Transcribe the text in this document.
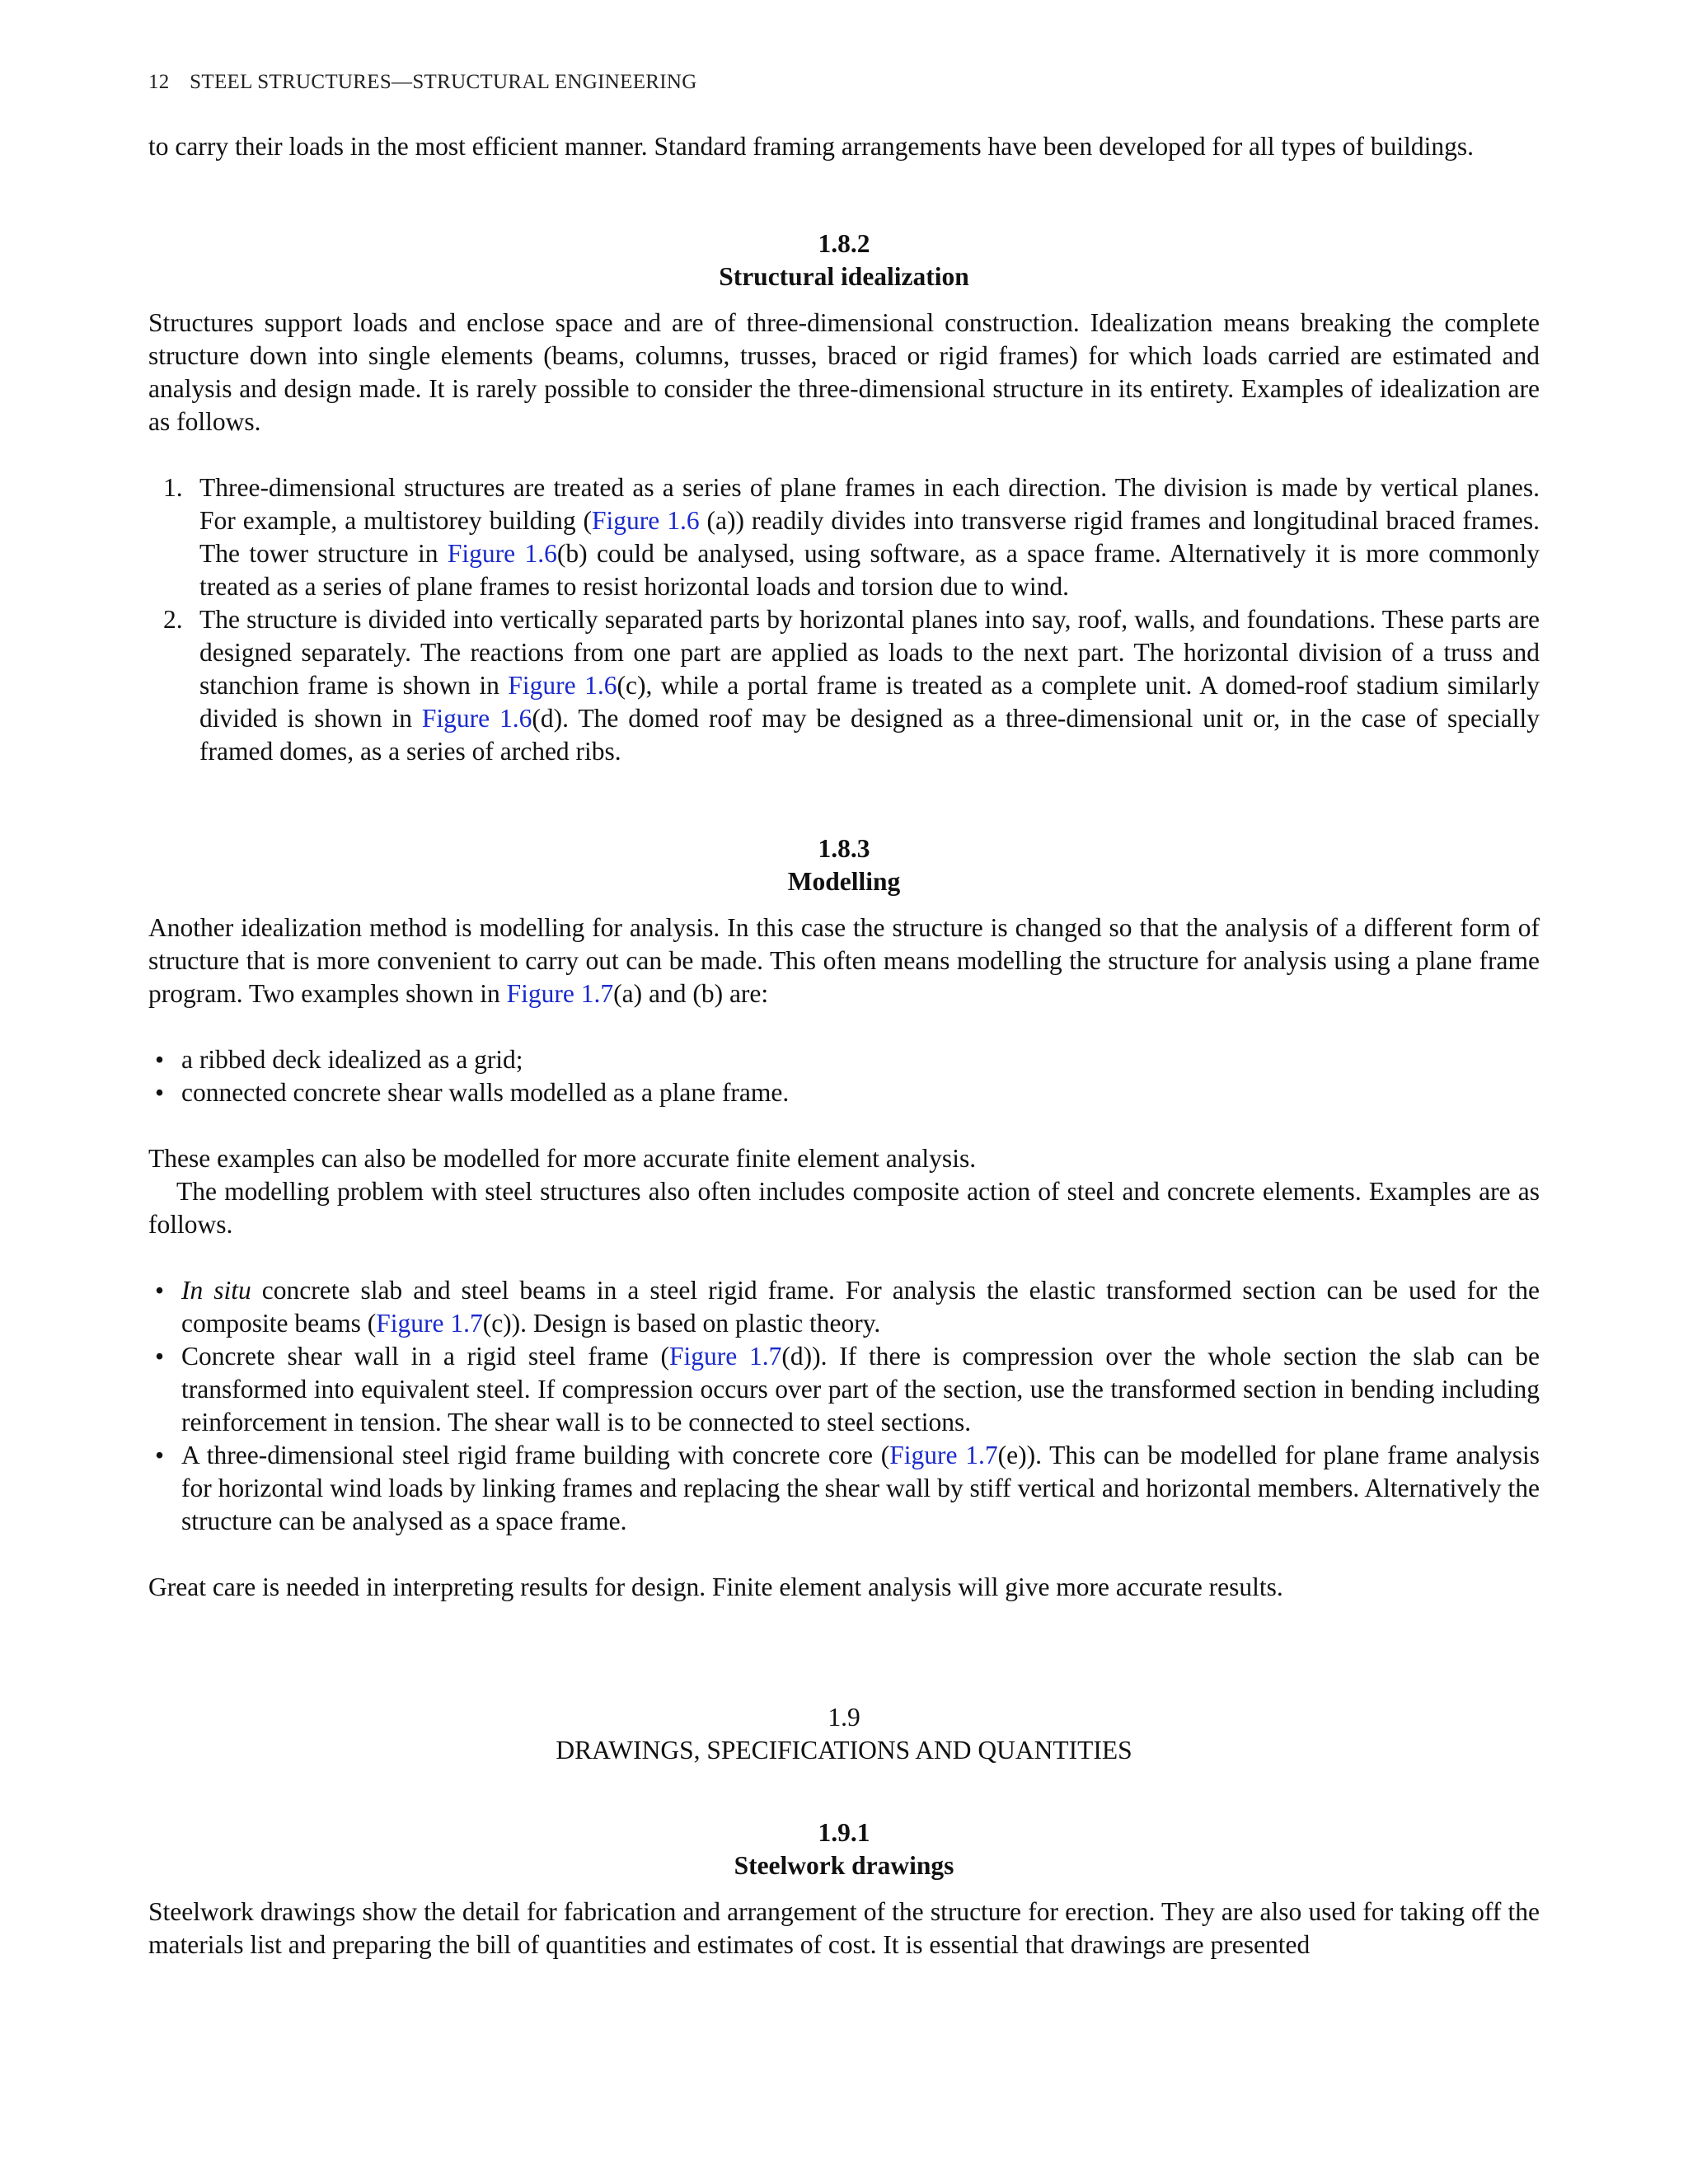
12 STEEL STRUCTURES—STRUCTURAL ENGINEERING

to carry their loads in the most efficient manner. Standard framing arrangements have been developed for all types of buildings.

1.8.2
Structural idealization

Structures support loads and enclose space and are of three-dimensional construction. Idealization means breaking the complete structure down into single elements (beams, columns, trusses, braced or rigid frames) for which loads carried are estimated and analysis and design made. It is rarely possible to consider the three-dimensional structure in its entirety. Examples of idealization are as follows.

1. Three-dimensional structures are treated as a series of plane frames in each direction. The division is made by vertical planes. For example, a multistorey building (Figure 1.6 (a)) readily divides into transverse rigid frames and longitudinal braced frames. The tower structure in Figure 1.6(b) could be analysed, using software, as a space frame. Alternatively it is more commonly treated as a series of plane frames to resist horizontal loads and torsion due to wind.
2. The structure is divided into vertically separated parts by horizontal planes into say, roof, walls, and foundations. These parts are designed separately. The reactions from one part are applied as loads to the next part. The horizontal division of a truss and stanchion frame is shown in Figure 1.6(c), while a portal frame is treated as a complete unit. A domed-roof stadium similarly divided is shown in Figure 1.6(d). The domed roof may be designed as a three-dimensional unit or, in the case of specially framed domes, as a series of arched ribs.
1.8.3
Modelling

Another idealization method is modelling for analysis. In this case the structure is changed so that the analysis of a different form of structure that is more convenient to carry out can be made. This often means modelling the structure for analysis using a plane frame program. Two examples shown in Figure 1.7(a) and (b) are:

• a ribbed deck idealized as a grid;
• connected concrete shear walls modelled as a plane frame.

These examples can also be modelled for more accurate finite element analysis.

The modelling problem with steel structures also often includes composite action of steel and concrete elements. Examples are as follows.

• In situ concrete slab and steel beams in a steel rigid frame. For analysis the elastic transformed section can be used for the composite beams (Figure 1.7(c)). Design is based on plastic theory.
• Concrete shear wall in a rigid steel frame (Figure 1.7(d)). If there is compression over the whole section the slab can be transformed into equivalent steel. If compression occurs over part of the section, use the transformed section in bending including reinforcement in tension. The shear wall is to be connected to steel sections.
• A three-dimensional steel rigid frame building with concrete core (Figure 1.7(e)). This can be modelled for plane frame analysis for horizontal wind loads by linking frames and replacing the shear wall by stiff vertical and horizontal members. Alternatively the structure can be analysed as a space frame.

Great care is needed in interpreting results for design. Finite element analysis will give more accurate results.

1.9
DRAWINGS, SPECIFICATIONS AND QUANTITIES
1.9.1
Steelwork drawings

Steelwork drawings show the detail for fabrication and arrangement of the structure for erection. They are also used for taking off the materials list and preparing the bill of quantities and estimates of cost. It is essential that drawings are presented
